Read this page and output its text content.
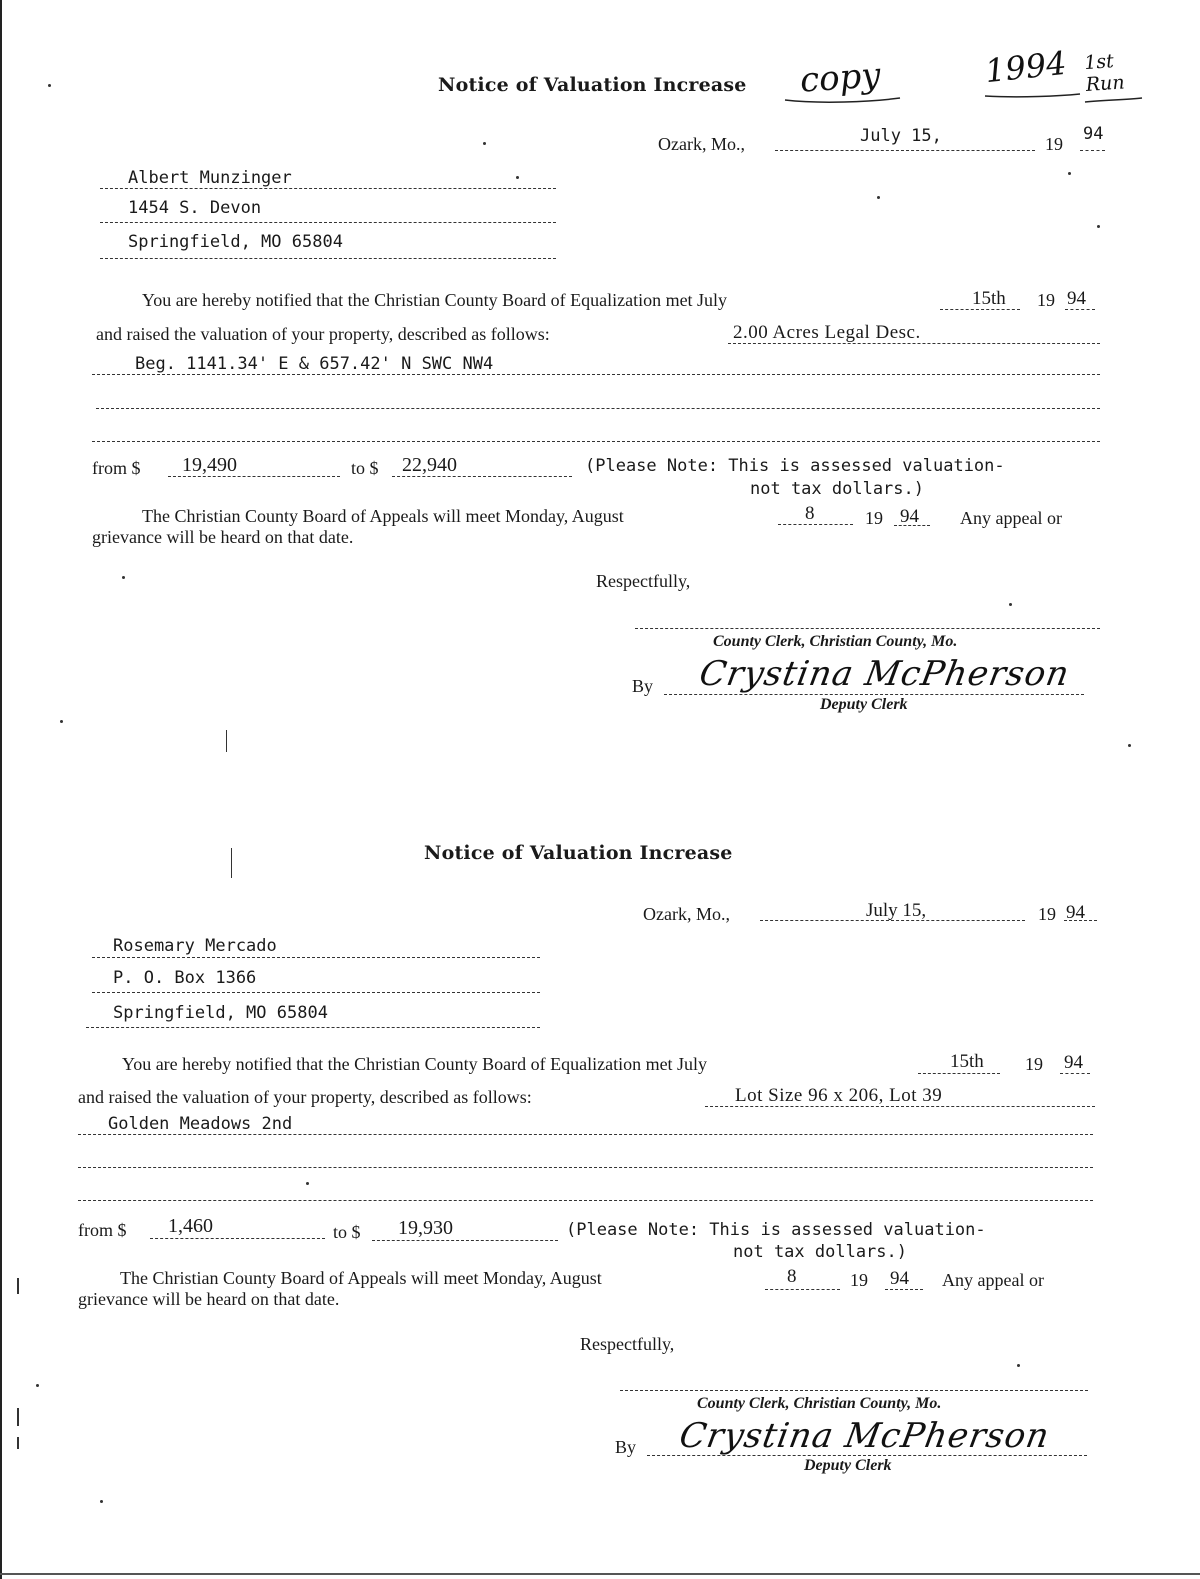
copy	1994 1st Run
Notice of Valuation Increase
Ozark, Mo.,	July 15,	19 94
Albert Munzinger
1454 S. Devon
Springfield, MO 65804
You are hereby notified that the Christian County Board of Equalization met July	15th 19 94
and raised the valuation of your property, described as follows:	2.00 Acres Legal Desc.
Beg. 1141.34' E & 657.42' N SWC NW4
from $ 19,490	to $ 22,940	(Please Note: This is assessed valuation-
not tax dollars.)
The Christian County Board of Appeals will meet Monday, August	8	19 94 Any appeal or
grievance will be heard on that date.
Respectfully,
County Clerk, Christian County, Mo.
By Crystina McPherson
Deputy Clerk
Notice of Valuation Increase
Ozark, Mo.,	July 15,	19 94
Rosemary Mercado
P. O. Box 1366
Springfield, MO 65804
You are hereby notified that the Christian County Board of Equalization met July	15th 19 94
and raised the valuation of your property, described as follows:	Lot Size 96 x 206, Lot 39
Golden Meadows 2nd
from $ 1,460	to $ 19,930	(Please Note: This is assessed valuation-
not tax dollars.)
The Christian County Board of Appeals will meet Monday, August	8	19 94 Any appeal or
grievance will be heard on that date.
Respectfully,
County Clerk, Christian County, Mo.
By Crystina McPherson
Deputy Clerk
